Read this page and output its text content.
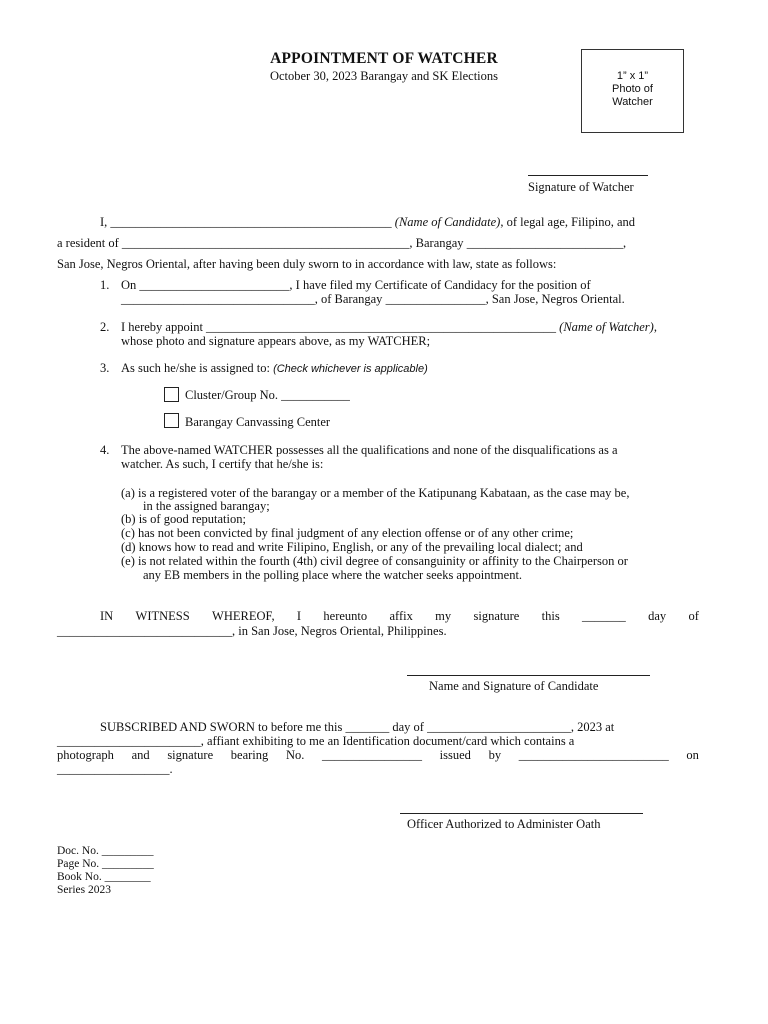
APPOINTMENT OF WATCHER
October 30, 2023 Barangay and SK Elections	1” x 1”
Photo of
Watcher
Signature of Watcher
I, _____________________________________________ (Name of Candidate), of legal age, Filipino, and
a resident of ______________________________________________, Barangay _________________________,
San Jose, Negros Oriental, after having been duly sworn to in accordance with law, state as follows:
1. On ________________________, I have filed my Certificate of Candidacy for the position of
_______________________________, of Barangay ________________, San Jose, Negros Oriental.
2. I hereby appoint ________________________________________________________ (Name of Watcher),
whose photo and signature appears above, as my WATCHER;
3. As such he/she is assigned to: (Check whichever is applicable)
Cluster/Group No. ___________
Barangay Canvassing Center
4. The above-named WATCHER possesses all the qualifications and none of the disqualifications as a
watcher. As such, I certify that he/she is:
(a) is a registered voter of the barangay or a member of the Katipunang Kabataan, as the case may be,
in the assigned barangay;
(b) is of good reputation;
(c) has not been convicted by final judgment of any election offense or of any other crime;
(d) knows how to read and write Filipino, English, or any of the prevailing local dialect; and
(e) is not related within the fourth (4th) civil degree of consanguinity or affinity to the Chairperson or
any EB members in the polling place where the watcher seeks appointment.
IN WITNESS WHEREOF, I hereunto affix my signature this _______ day of
____________________________, in San Jose, Negros Oriental, Philippines.
Name and Signature of Candidate
SUBSCRIBED AND SWORN to before me this _______ day of _______________________, 2023 at
_______________________, affiant exhibiting to me an Identification document/card which contains a
photograph and signature bearing No. ________________ issued by ________________________ on
__________________.
Officer Authorized to Administer Oath
Doc. No. _________
Page No. _________
Book No. ________
Series 2023
